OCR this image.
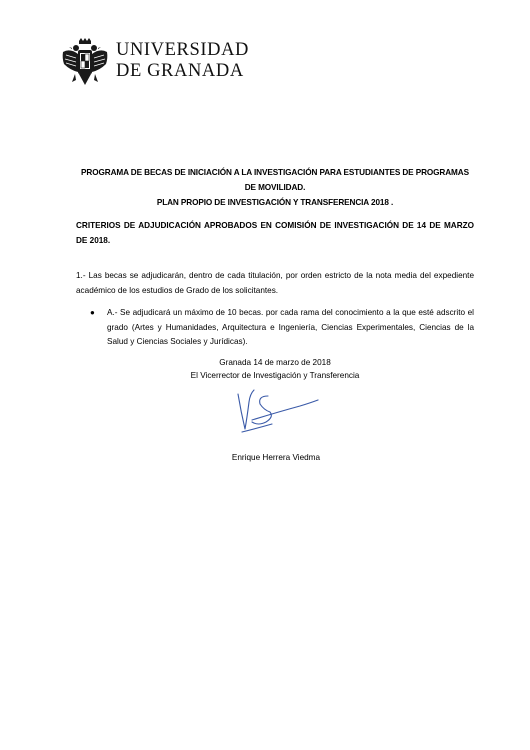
UNIVERSIDAD
DE GRANADA
PROGRAMA DE BECAS DE INICIACIÓN A LA INVESTIGACIÓN PARA ESTUDIANTES DE PROGRAMAS
DE MOVILIDAD.
PLAN PROPIO DE INVESTIGACIÓN Y TRANSFERENCIA 2018 .
CRITERIOS DE ADJUDICACIÓN APROBADOS EN COMISIÓN DE INVESTIGACIÓN DE 14 DE MARZO DE 2018.
1.- Las becas se adjudicarán, dentro de cada titulación, por orden estricto de la nota media del expediente académico de los estudios de Grado de los solicitantes.
●	A.- Se adjudicará un máximo de 10 becas. por cada rama del conocimiento a la que esté adscrito el grado (Artes y Humanidades, Arquitectura e Ingeniería, Ciencias Experimentales, Ciencias de la Salud y Ciencias Sociales y Jurídicas).
Granada 14 de marzo de 2018
El Vicerrector de Investigación y Transferencia
Enrique Herrera Viedma
